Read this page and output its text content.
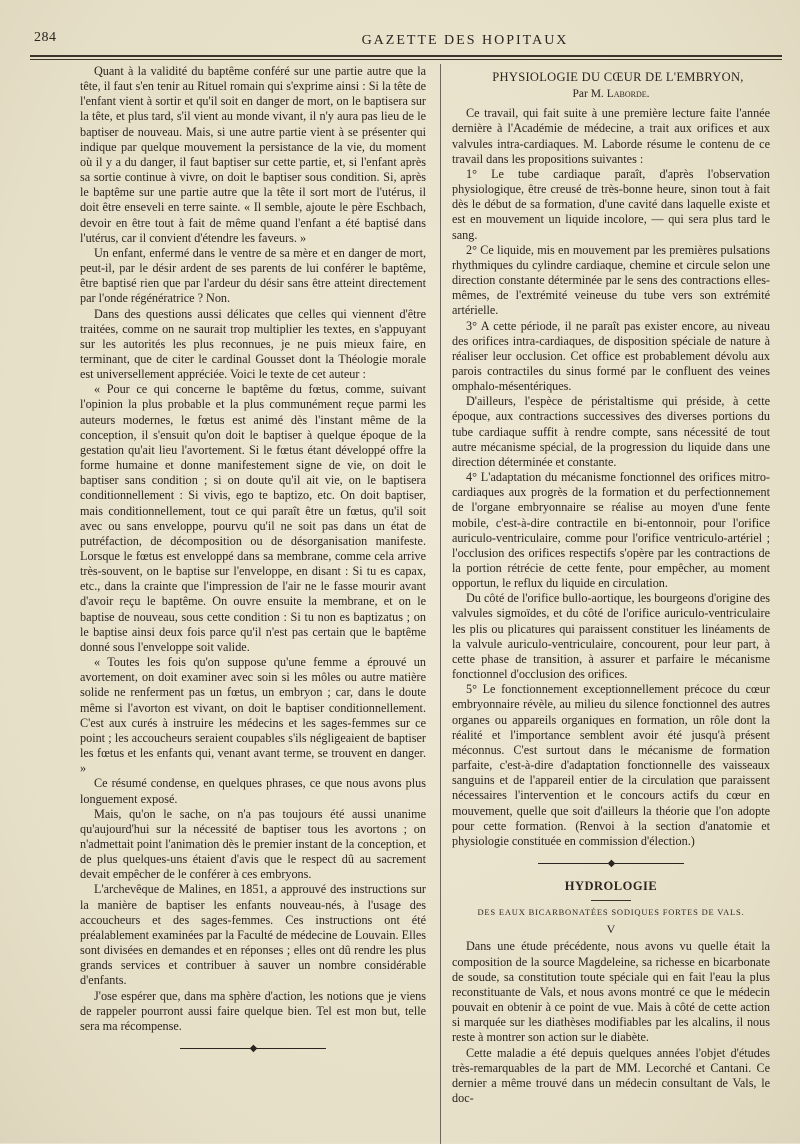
284	GAZETTE DES HOPITAUX

Quant à la validité du baptême conféré sur une partie autre que la tête, il faut s'en tenir au Rituel romain qui s'exprime ainsi : Si la tête de l'enfant vient à sortir et qu'il soit en danger de mort, on le baptisera sur la tête, et plus tard, s'il vient au monde vivant, il n'y aura pas lieu de le baptiser de nouveau. Mais, si une autre partie vient à se présenter qui indique par quelque mouvement la persistance de la vie, du moment où il y a du danger, il faut baptiser sur cette partie, et, si l'enfant après sa sortie continue à vivre, on doit le baptiser sous condition. Si, après le baptême sur une partie autre que la tête il sort mort de l'utérus, il doit être enseveli en terre sainte. « Il semble, ajoute le père Eschbach, devoir en être tout à fait de même quand l'enfant a été baptisé dans l'utérus, car il convient d'étendre les faveurs. »

Un enfant, enfermé dans le ventre de sa mère et en danger de mort, peut-il, par le désir ardent de ses parents de lui conférer le baptême, être baptisé rien que par l'ardeur du désir sans être atteint directement par l'onde régénératrice ? Non.

Dans des questions aussi délicates que celles qui viennent d'être traitées, comme on ne saurait trop multiplier les textes, en s'appuyant sur les autorités les plus reconnues, je ne puis mieux faire, en terminant, que de citer le cardinal Gousset dont la Théologie morale est universellement appréciée. Voici le texte de cet auteur :

« Pour ce qui concerne le baptême du fœtus, comme, suivant l'opinion la plus probable et la plus communément reçue parmi les auteurs modernes, le fœtus est animé dès l'instant même de la conception, il s'ensuit qu'on doit le baptiser à quelque époque de la gestation qu'ait lieu l'avortement. Si le fœtus étant développé offre la forme humaine et donne manifestement signe de vie, on doit le baptiser sans condition ; si on doute qu'il ait vie, on le baptisera conditionnellement : Si vivis, ego te baptizo, etc. On doit baptiser, mais conditionnellement, tout ce qui paraît être un fœtus, qu'il soit avec ou sans enveloppe, pourvu qu'il ne soit pas dans un état de putréfaction, de décomposition ou de désorganisation manifeste. Lorsque le fœtus est enveloppé dans sa membrane, comme cela arrive très-souvent, on le baptise sur l'enveloppe, en disant : Si tu es capax, etc., dans la crainte que l'impression de l'air ne le fasse mourir avant d'avoir reçu le baptême. On ouvre ensuite la membrane, et on le baptise de nouveau, sous cette condition : Si tu non es baptizatus ; on le baptise ainsi deux fois parce qu'il n'est pas certain que le baptême donné sous l'enveloppe soit valide.

« Toutes les fois qu'on suppose qu'une femme a éprouvé un avortement, on doit examiner avec soin si les môles ou autre matière solide ne renferment pas un fœtus, un embryon ; car, dans le doute même si l'avorton est vivant, on doit le baptiser conditionnellement. C'est aux curés à instruire les médecins et les sages-femmes sur ce point ; les accoucheurs seraient coupables s'ils négligeaient de baptiser les fœtus et les enfants qui, venant avant terme, se trouvent en danger. »

Ce résumé condense, en quelques phrases, ce que nous avons plus longuement exposé.

Mais, qu'on le sache, on n'a pas toujours été aussi unanime qu'aujourd'hui sur la nécessité de baptiser tous les avortons ; on n'admettait point l'animation dès le premier instant de la conception, et de plus quelques-uns étaient d'avis que le respect dû au sacrement devait empêcher de le conférer à ces embryons.

L'archevêque de Malines, en 1851, a approuvé des instructions sur la manière de baptiser les enfants nouveau-nés, à l'usage des accoucheurs et des sages-femmes. Ces instructions ont été préalablement examinées par la Faculté de médecine de Louvain. Elles sont divisées en demandes et en réponses ; elles ont dû rendre les plus grands services et contribuer à sauver un nombre considérable d'enfants.

J'ose espérer que, dans ma sphère d'action, les notions que je viens de rappeler pourront aussi faire quelque bien. Tel est mon but, telle sera ma récompense.

◆

PHYSIOLOGIE DU CŒUR DE L'EMBRYON,

Par M. Laborde.

Ce travail, qui fait suite à une première lecture faite l'année dernière à l'Académie de médecine, a trait aux orifices et aux valvules intra-cardiaques. M. Laborde résume le contenu de ce travail dans les propositions suivantes :

1° Le tube cardiaque paraît, d'après l'observation physiologique, être creusé de très-bonne heure, sinon tout à fait dès le début de sa formation, d'une cavité dans laquelle existe et est en mouvement un liquide incolore, — qui sera plus tard le sang.

2° Ce liquide, mis en mouvement par les premières pulsations rhythmiques du cylindre cardiaque, chemine et circule selon une direction constante déterminée par le sens des contractions elles-mêmes, de l'extrémité veineuse du tube vers son extrémité artérielle.

3° A cette période, il ne paraît pas exister encore, au niveau des orifices intra-cardiaques, de disposition spéciale de nature à réaliser leur occlusion. Cet office est probablement dévolu aux parois contractiles du sinus formé par le confluent des veines omphalo-mésentériques.

D'ailleurs, l'espèce de péristaltisme qui préside, à cette époque, aux contractions successives des diverses portions du tube cardiaque suffit à rendre compte, sans nécessité de tout autre mécanisme spécial, de la progression du liquide dans une direction déterminée et constante.

4° L'adaptation du mécanisme fonctionnel des orifices mitro-cardiaques aux progrès de la formation et du perfectionnement de l'organe embryonnaire se réalise au moyen d'une fente mobile, c'est-à-dire contractile en bi-entonnoir, pour l'orifice auriculo-ventriculaire, comme pour l'orifice ventriculo-artériel ; l'occlusion des orifices respectifs s'opère par les contractions de la portion rétrécie de cette fente, pour empêcher, au moment opportun, le reflux du liquide en circulation.

Du côté de l'orifice bullo-aortique, les bourgeons d'origine des valvules sigmoïdes, et du côté de l'orifice auriculo-ventriculaire les plis ou plicatures qui paraissent constituer les linéaments de la valvule auriculo-ventriculaire, concourent, pour leur part, à cette phase de transition, à assurer et parfaire le mécanisme fonctionnel d'occlusion des orifices.

5° Le fonctionnement exceptionnellement précoce du cœur embryonnaire révèle, au milieu du silence fonctionnel des autres organes ou appareils organiques en formation, un rôle dont la réalité et l'importance semblent avoir été jusqu'à présent méconnus. C'est surtout dans le mécanisme de formation parfaite, c'est-à-dire d'adaptation fonctionnelle des vaisseaux sanguins et de l'appareil entier de la circulation que paraissent nécessaires l'intervention et le concours actifs du cœur en mouvement, quelle que soit d'ailleurs la théorie que l'on adopte pour cette formation. (Renvoi à la section d'anatomie et physiologie constituée en commission d'élection.)

◆
HYDROLOGIE
DES EAUX BICARBONATÉES SODIQUES FORTES DE VALS.
V

Dans une étude précédente, nous avons vu quelle était la composition de la source Magdeleine, sa richesse en bicarbonate de soude, sa constitution toute spéciale qui en fait l'eau la plus reconstituante de Vals, et nous avons montré ce que le médecin pouvait en obtenir à ce point de vue. Mais à côté de cette action si marquée sur les diathèses modifiables par les alcalins, il nous reste à montrer son action sur le diabète.

Cette maladie a été depuis quelques années l'objet d'études très-remarquables de la part de MM. Lecorché et Cantani. Ce dernier a même trouvé dans un médecin consultant de Vals, le doc-
